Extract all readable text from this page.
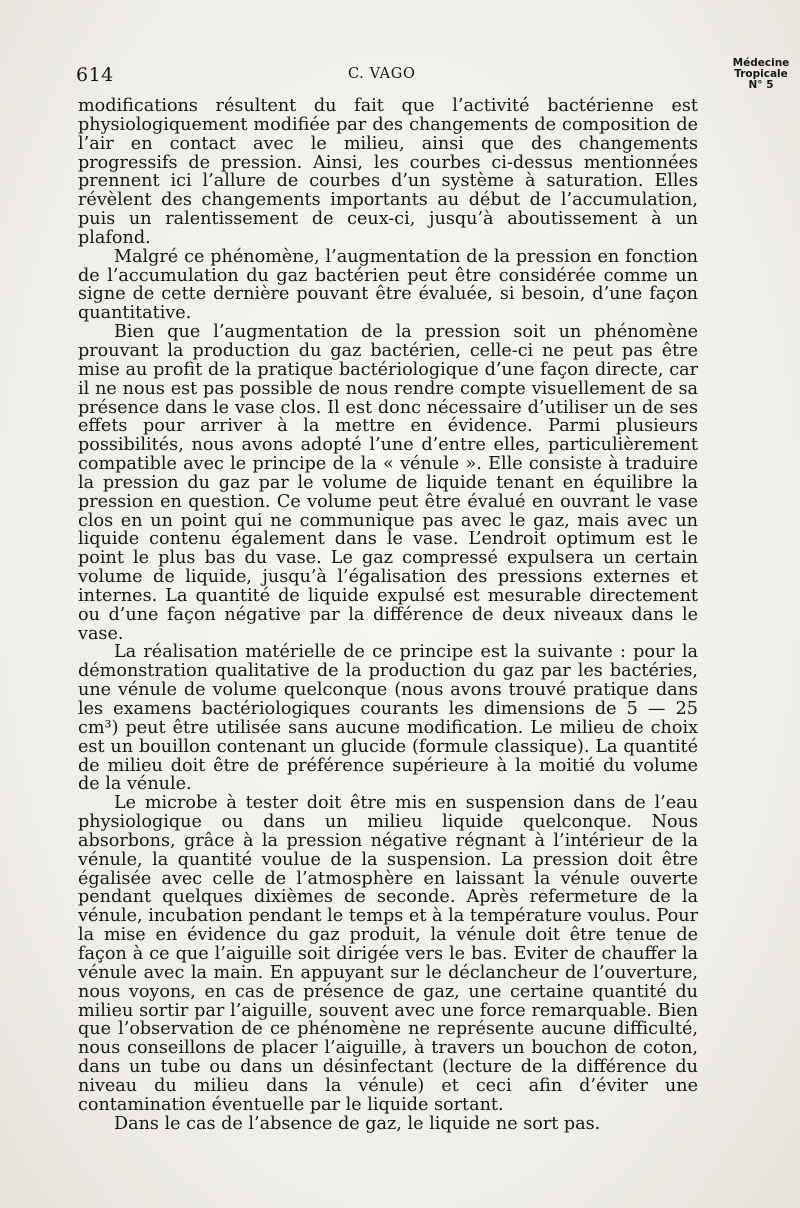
614	C. VAGO
Médecine
Tropicale
N° 5

modifications résultent du fait que l’activité bactérienne est physiologiquement modifiée par des changements de composition de l’air en contact avec le milieu, ainsi que des changements progressifs de pression. Ainsi, les courbes ci-dessus mentionnées prennent ici l’allure de courbes d’un système à saturation. Elles révèlent des changements importants au début de l’accumulation, puis un ralentissement de ceux-ci, jusqu’à aboutissement à un plafond.

Malgré ce phénomène, l’augmentation de la pression en fonction de l’accumulation du gaz bactérien peut être considérée comme un signe de cette dernière pouvant être évaluée, si besoin, d’une façon quantitative.

Bien que l’augmentation de la pression soit un phénomène prouvant la production du gaz bactérien, celle-ci ne peut pas être mise au profit de la pratique bactériologique d’une façon directe, car il ne nous est pas possible de nous rendre compte visuellement de sa présence dans le vase clos. Il est donc nécessaire d’utiliser un de ses effets pour arriver à la mettre en évidence. Parmi plusieurs possibilités, nous avons adopté l’une d’entre elles, particulièrement compatible avec le principe de la « vénule ». Elle consiste à traduire la pression du gaz par le volume de liquide tenant en équilibre la pression en question. Ce volume peut être évalué en ouvrant le vase clos en un point qui ne communique pas avec le gaz, mais avec un liquide contenu également dans le vase. L’endroit optimum est le point le plus bas du vase. Le gaz compressé expulsera un certain volume de liquide, jusqu’à l’égalisation des pressions externes et internes. La quantité de liquide expulsé est mesurable directement ou d’une façon négative par la différence de deux niveaux dans le vase.

La réalisation matérielle de ce principe est la suivante : pour la démonstration qualitative de la production du gaz par les bactéries, une vénule de volume quelconque (nous avons trouvé pratique dans les examens bactériologiques courants les dimensions de 5 — 25 cm³) peut être utilisée sans aucune modification. Le milieu de choix est un bouillon contenant un glucide (formule classique). La quantité de milieu doit être de préférence supérieure à la moitié du volume de la vénule.

Le microbe à tester doit être mis en suspension dans de l’eau physiologique ou dans un milieu liquide quelconque. Nous absorbons, grâce à la pression négative régnant à l’intérieur de la vénule, la quantité voulue de la suspension. La pression doit être égalisée avec celle de l’atmosphère en laissant la vénule ouverte pendant quelques dixièmes de seconde. Après refermeture de la vénule, incubation pendant le temps et à la température voulus. Pour la mise en évidence du gaz produit, la vénule doit être tenue de façon à ce que l’aiguille soit dirigée vers le bas. Eviter de chauffer la vénule avec la main. En appuyant sur le déclancheur de l’ouverture, nous voyons, en cas de présence de gaz, une certaine quantité du milieu sortir par l’aiguille, souvent avec une force remarquable. Bien que l’observation de ce phénomène ne représente aucune difficulté, nous conseillons de placer l’aiguille, à travers un bouchon de coton, dans un tube ou dans un désinfectant (lecture de la différence du niveau du milieu dans la vénule) et ceci afin d’éviter une contamination éventuelle par le liquide sortant.

Dans le cas de l’absence de gaz, le liquide ne sort pas.
